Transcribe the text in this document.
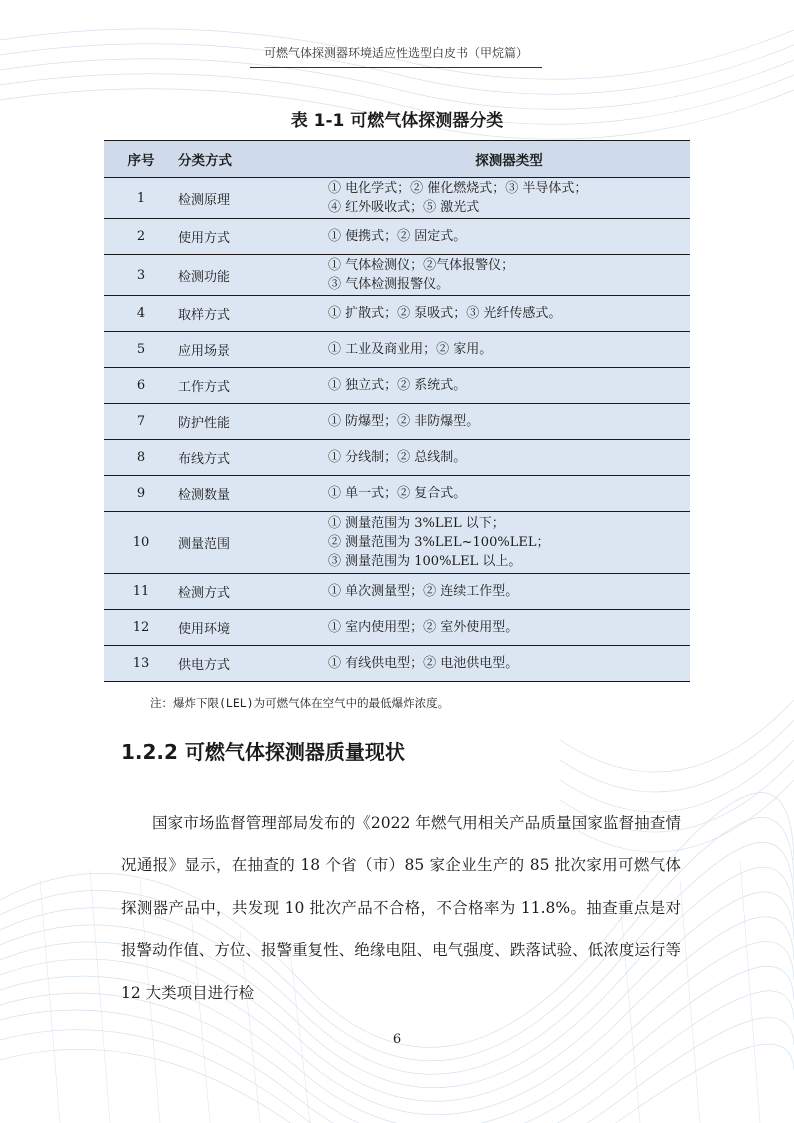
可燃气体探测器环境适应性选型白皮书（甲烷篇）
表 1-1 可燃气体探测器分类
序号	分类方式	探测器类型
1	检测原理	① 电化学式；② 催化燃烧式；③ 半导体式；
④ 红外吸收式；⑤ 激光式

2	使用方式	① 便携式；② 固定式。

3	检测功能	① 气体检测仪；②气体报警仪；
③ 气体检测报警仪。

4	取样方式	① 扩散式；② 泵吸式；③ 光纤传感式。

5	应用场景	① 工业及商业用；② 家用。

6	工作方式	① 独立式；② 系统式。

7	防护性能	① 防爆型；② 非防爆型。

8	布线方式	① 分线制；② 总线制。

9	检测数量	① 单一式；② 复合式。

10	测量范围	① 测量范围为 3%LEL 以下；
② 测量范围为 3%LEL~100%LEL；
③ 测量范围为 100%LEL 以上。

11	检测方式	① 单次测量型；② 连续工作型。

12	使用环境	① 室内使用型；② 室外使用型。

13	供电方式	① 有线供电型；② 电池供电型。
注：爆炸下限(LEL)为可燃气体在空气中的最低爆炸浓度。
1.2.2 可燃气体探测器质量现状

国家市场监督管理部局发布的《2022 年燃气用相关产品质量国家监督抽查情况通报》显示，在抽查的 18 个省（市）85 家企业生产的 85 批次家用可燃气体探测器产品中，共发现 10 批次产品不合格，不合格率为 11.8%。抽查重点是对报警动作值、方位、报警重复性、绝缘电阻、电气强度、跌落试验、低浓度运行等 12 大类项目进行检

6
